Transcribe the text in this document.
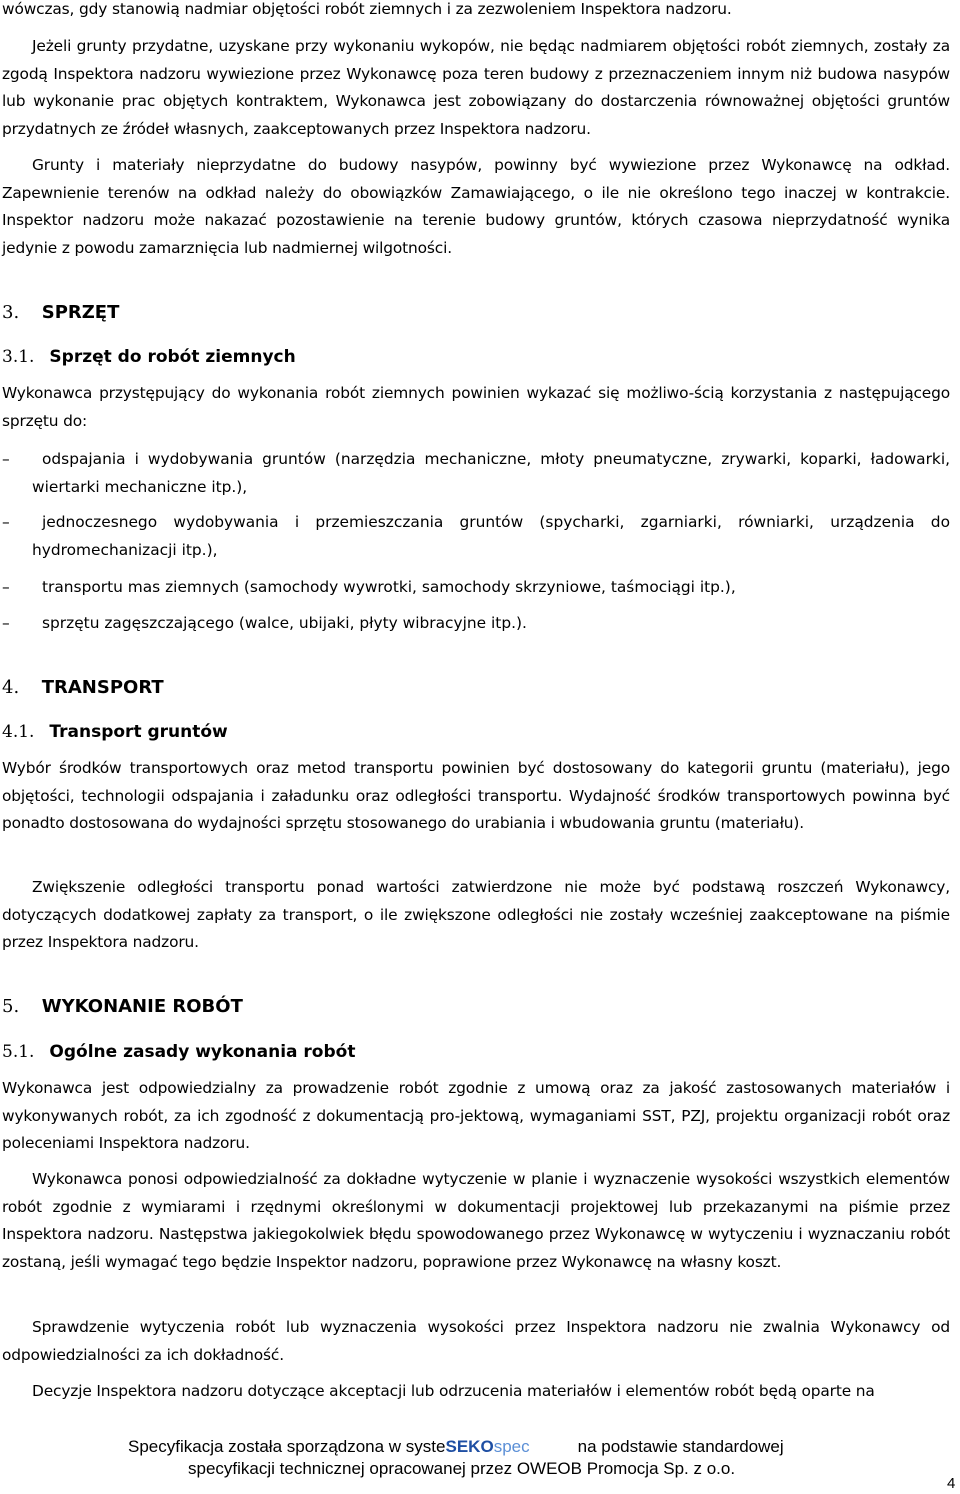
wówczas, gdy stanowią nadmiar objętości robót ziemnych i za zezwoleniem Inspektora nadzoru.
Jeżeli grunty przydatne, uzyskane przy wykonaniu wykopów, nie będąc nadmiarem objętości robót ziemnych, zostały za zgodą Inspektora nadzoru wywiezione przez Wykonawcę poza teren budowy z przeznaczeniem innym niż budowa nasypów lub wykonanie prac objętych kontraktem, Wykonawca jest zobowiązany do dostarczenia równoważnej objętości gruntów przydatnych ze źródeł własnych, zaakceptowanych przez Inspektora nadzoru.
Grunty i materiały nieprzydatne do budowy nasypów, powinny być wywiezione przez Wykonawcę na odkład. Zapewnienie terenów na odkład należy do obowiązków Zamawiającego, o ile nie określono tego inaczej w kontrakcie. Inspektor nadzoru może nakazać pozostawienie na terenie budowy gruntów, których czasowa nieprzydatność wynika jedynie z powodu zamarznięcia lub nadmiernej wilgotności.
3. SPRZĘT
3.1. Sprzęt do robót ziemnych
Wykonawca przystępujący do wykonania robót ziemnych powinien wykazać się możliwo-ścią korzystania z następującego sprzętu do:
–	odspajania i wydobywania gruntów (narzędzia mechaniczne, młoty pneumatyczne, zrywarki, koparki, ładowarki, wiertarki mechaniczne itp.),
–	jednoczesnego wydobywania i przemieszczania gruntów (spycharki, zgarniarki, równiarki, urządzenia do hydromechanizacji itp.),
–	transportu mas ziemnych (samochody wywrotki, samochody skrzyniowe, taśmociągi itp.),
–	sprzętu zagęszczającego (walce, ubijaki, płyty wibracyjne itp.).
4. TRANSPORT
4.1. Transport gruntów
Wybór środków transportowych oraz metod transportu powinien być dostosowany do kategorii gruntu (materiału), jego objętości, technologii odspajania i załadunku oraz odległości transportu. Wydajność środków transportowych powinna być ponadto dostosowana do wydajności sprzętu stosowanego do urabiania i wbudowania gruntu (materiału).
Zwiększenie odległości transportu ponad wartości zatwierdzone nie może być podstawą roszczeń Wykonawcy, dotyczących dodatkowej zapłaty za transport, o ile zwiększone odległości nie zostały wcześniej zaakceptowane na piśmie przez Inspektora nadzoru.
5. WYKONANIE ROBÓT
5.1. Ogólne zasady wykonania robót
Wykonawca jest odpowiedzialny za prowadzenie robót zgodnie z umową oraz za jakość zastosowanych materiałów i wykonywanych robót, za ich zgodność z dokumentacją pro-jektową, wymaganiami SST, PZJ, projektu organizacji robót oraz poleceniami Inspektora nadzoru.
Wykonawca ponosi odpowiedzialność za dokładne wytyczenie w planie i wyznaczenie wysokości wszystkich elementów robót zgodnie z wymiarami i rzędnymi określonymi w dokumentacji projektowej lub przekazanymi na piśmie przez Inspektora nadzoru. Następstwa jakiegokolwiek błędu spowodowanego przez Wykonawcę w wytyczeniu i wyznaczaniu robót zostaną, jeśli wymagać tego będzie Inspektor nadzoru, poprawione przez Wykonawcę na własny koszt.
Sprawdzenie wytyczenia robót lub wyznaczenia wysokości przez Inspektora nadzoru nie zwalnia Wykonawcy od odpowiedzialności za ich dokładność.
Decyzje Inspektora nadzoru dotyczące akceptacji lub odrzucenia materiałów i elementów robót będą oparte na
Specyfikacja została sporządzona w systeSEKOspec	na podstawie standardowej
specyfikacji technicznej opracowanej przez OWEOB Promocja Sp. z o.o.
4
